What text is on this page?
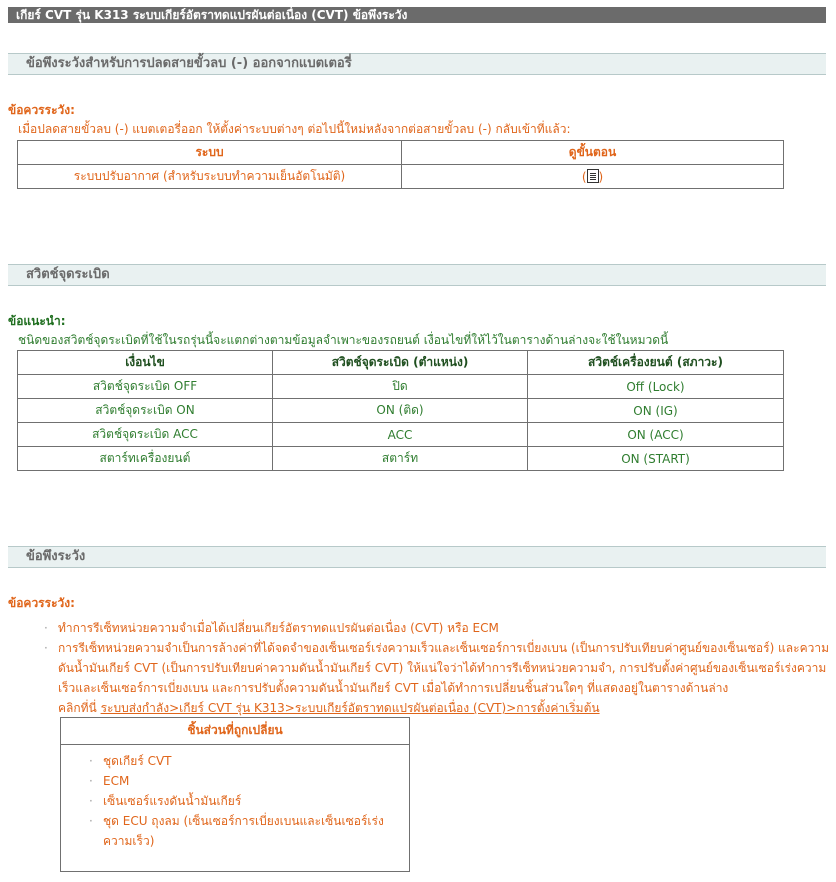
เกียร์ CVT รุ่น K313 ระบบเกียร์อัตราทดแปรผันต่อเนื่อง (CVT) ข้อพึงระวัง
ข้อพึงระวังสำหรับการปลดสายขั้วลบ (-) ออกจากแบตเตอรี่
ข้อควรระวัง:
เมื่อปลดสายขั้วลบ (-) แบตเตอรี่ออก ให้ตั้งค่าระบบต่างๆ ต่อไปนี้ใหม่หลังจากต่อสายขั้วลบ (-) กลับเข้าที่แล้ว:
ระบบ	ดูขั้นตอน
ระบบปรับอากาศ (สำหรับระบบทำความเย็นอัตโนมัติ)	( )
สวิตช์จุดระเบิด
ข้อแนะนำ:
ชนิดของสวิตช์จุดระเบิดที่ใช้ในรถรุ่นนี้จะแตกต่างตามข้อมูลจำเพาะของรถยนต์ เงื่อนไขที่ให้ไว้ในตารางด้านล่างจะใช้ในหมวดนี้
เงื่อนไข	สวิตช์จุดระเบิด (ตำแหน่ง)	สวิตช์เครื่องยนต์ (สภาวะ)
สวิตช์จุดระเบิด OFF	ปิด	Off (Lock)
สวิตช์จุดระเบิด ON	ON (ติด)	ON (IG)
สวิตช์จุดระเบิด ACC	ACC	ON (ACC)
สตาร์ทเครื่องยนต์	สตาร์ท	ON (START)
ข้อพึงระวัง
ข้อควรระวัง:
· ทำการรีเซ็ทหน่วยความจำเมื่อได้เปลี่ยนเกียร์อัตราทดแปรผันต่อเนื่อง (CVT) หรือ ECM
· การรีเซ็ทหน่วยความจำเป็นการล้างค่าที่ได้จดจำของเซ็นเซอร์เร่งความเร็วและเซ็นเซอร์การเบี่ยงเบน (เป็นการปรับเทียบค่าศูนย์ของเซ็นเซอร์) และความ
ดันน้ำมันเกียร์ CVT (เป็นการปรับเทียบค่าความดันน้ำมันเกียร์ CVT) ให้แน่ใจว่าได้ทำการรีเซ็ทหน่วยความจำ, การปรับตั้งค่าศูนย์ของเซ็นเซอร์เร่งความ
เร็วและเซ็นเซอร์การเบี่ยงเบน และการปรับตั้งความดันน้ำมันเกียร์ CVT เมื่อได้ทำการเปลี่ยนชิ้นส่วนใดๆ ที่แสดงอยู่ในตารางด้านล่าง
คลิกที่นี่ ระบบส่งกำลัง>เกียร์ CVT รุ่น K313>ระบบเกียร์อัตราทดแปรผันต่อเนื่อง (CVT)>การตั้งค่าเริ่มต้น
ชิ้นส่วนที่ถูกเปลี่ยน
· ชุดเกียร์ CVT
· ECM
· เซ็นเซอร์แรงดันน้ำมันเกียร์
· ชุด ECU ถุงลม (เซ็นเซอร์การเบี่ยงเบนและเซ็นเซอร์เร่ง
ความเร็ว)
